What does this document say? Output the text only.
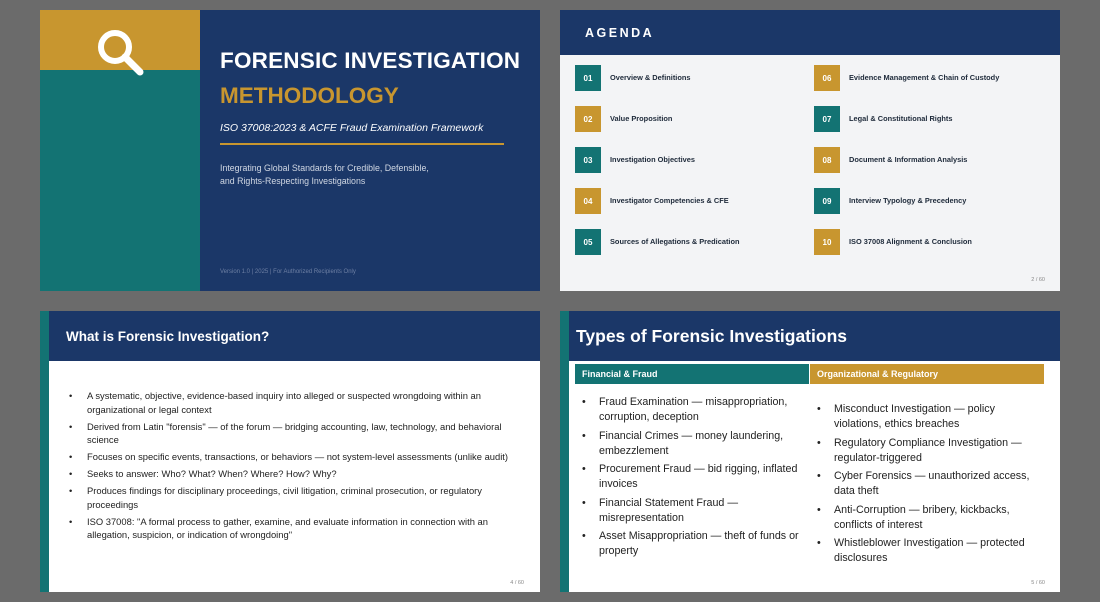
FORENSIC INVESTIGATION
METHODOLOGY
ISO 37008:2023 & ACFE Fraud Examination Framework
Integrating Global Standards for Credible, Defensible,
and Rights-Respecting Investigations
Version 1.0 | 2025 | For Authorized Recipients Only
AGENDA
2 / 60
01	Overview & Definitions
02	Value Proposition
03	Investigation Objectives
04	Investigator Competencies & CFE
05	Sources of Allegations & Predication
06	Evidence Management & Chain of Custody
07	Legal & Constitutional Rights
08	Document & Information Analysis
09	Interview Typology & Precedency
10	ISO 37008 Alignment & Conclusion
What is Forensic Investigation?
• A systematic, objective, evidence-based inquiry into alleged or suspected wrongdoing within an organizational or legal context
• Derived from Latin "forensis" — of the forum — bridging accounting, law, technology, and behavioral science
• Focuses on specific events, transactions, or behaviors — not system-level assessments (unlike audit)
• Seeks to answer: Who? What? When? Where? How? Why?
• Produces findings for disciplinary proceedings, civil litigation, criminal prosecution, or regulatory proceedings
• ISO 37008: "A formal process to gather, examine, and evaluate information in connection with an allegation, suspicion, or indication of wrongdoing"
4 / 60
Types of Forensic Investigations
Financial & Fraud	Organizational & Regulatory
• Fraud Examination — misappropriation, corruption, deception
• Financial Crimes — money laundering, embezzlement
• Procurement Fraud — bid rigging, inflated invoices
• Financial Statement Fraud — misrepresentation
• Asset Misappropriation — theft of funds or property
• Misconduct Investigation — policy violations, ethics breaches
• Regulatory Compliance Investigation — regulator-triggered
• Cyber Forensics — unauthorized access, data theft
• Anti-Corruption — bribery, kickbacks, conflicts of interest
• Whistleblower Investigation — protected disclosures
5 / 60
